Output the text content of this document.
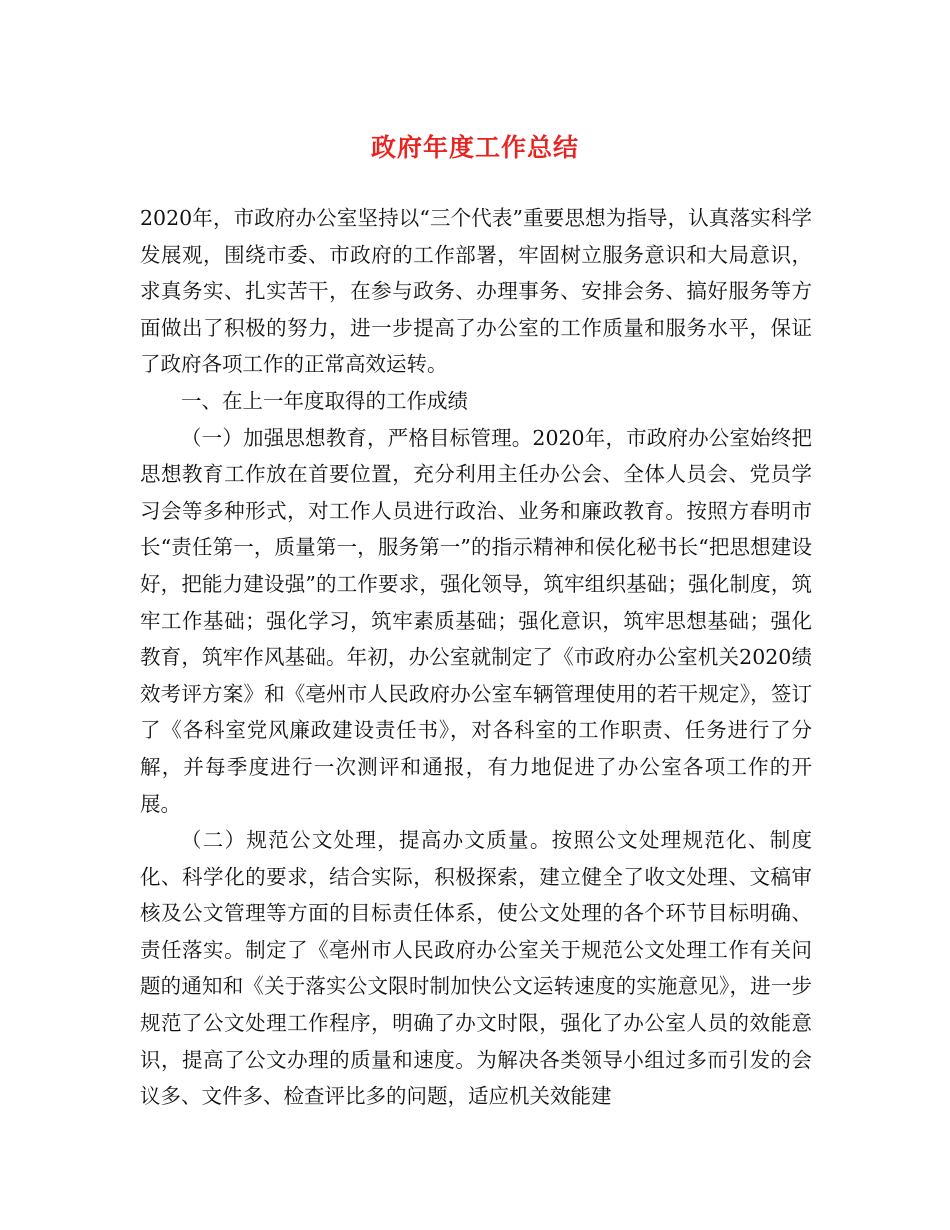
政府年度工作总结

2020年，市政府办公室坚持以“三个代表”重要思想为指导，认真落实科学发展观，围绕市委、市政府的工作部署，牢固树立服务意识和大局意识，求真务实、扎实苦干，在参与政务、办理事务、安排会务、搞好服务等方面做出了积极的努力，进一步提高了办公室的工作质量和服务水平，保证了政府各项工作的正常高效运转。

一、在上一年度取得的工作成绩

（一）加强思想教育，严格目标管理。2020年，市政府办公室始终把思想教育工作放在首要位置，充分利用主任办公会、全体人员会、党员学习会等多种形式，对工作人员进行政治、业务和廉政教育。按照方春明市长“责任第一，质量第一，服务第一”的指示精神和侯化秘书长“把思想建设好，把能力建设强”的工作要求，强化领导，筑牢组织基础；强化制度，筑牢工作基础；强化学习，筑牢素质基础；强化意识，筑牢思想基础；强化教育，筑牢作风基础。年初，办公室就制定了《市政府办公室机关2020绩效考评方案》和《亳州市人民政府办公室车辆管理使用的若干规定》，签订了《各科室党风廉政建设责任书》，对各科室的工作职责、任务进行了分解，并每季度进行一次测评和通报，有力地促进了办公室各项工作的开展。

（二）规范公文处理，提高办文质量。按照公文处理规范化、制度化、科学化的要求，结合实际，积极探索，建立健全了收文处理、文稿审核及公文管理等方面的目标责任体系，使公文处理的各个环节目标明确、责任落实。制定了《亳州市人民政府办公室关于规范公文处理工作有关问题的通知和《关于落实公文限时制加快公文运转速度的实施意见》，进一步规范了公文处理工作程序，明确了办文时限，强化了办公室人员的效能意识，提高了公文办理的质量和速度。为解决各类领导小组过多而引发的会议多、文件多、检查评比多的问题，适应机关效能建
